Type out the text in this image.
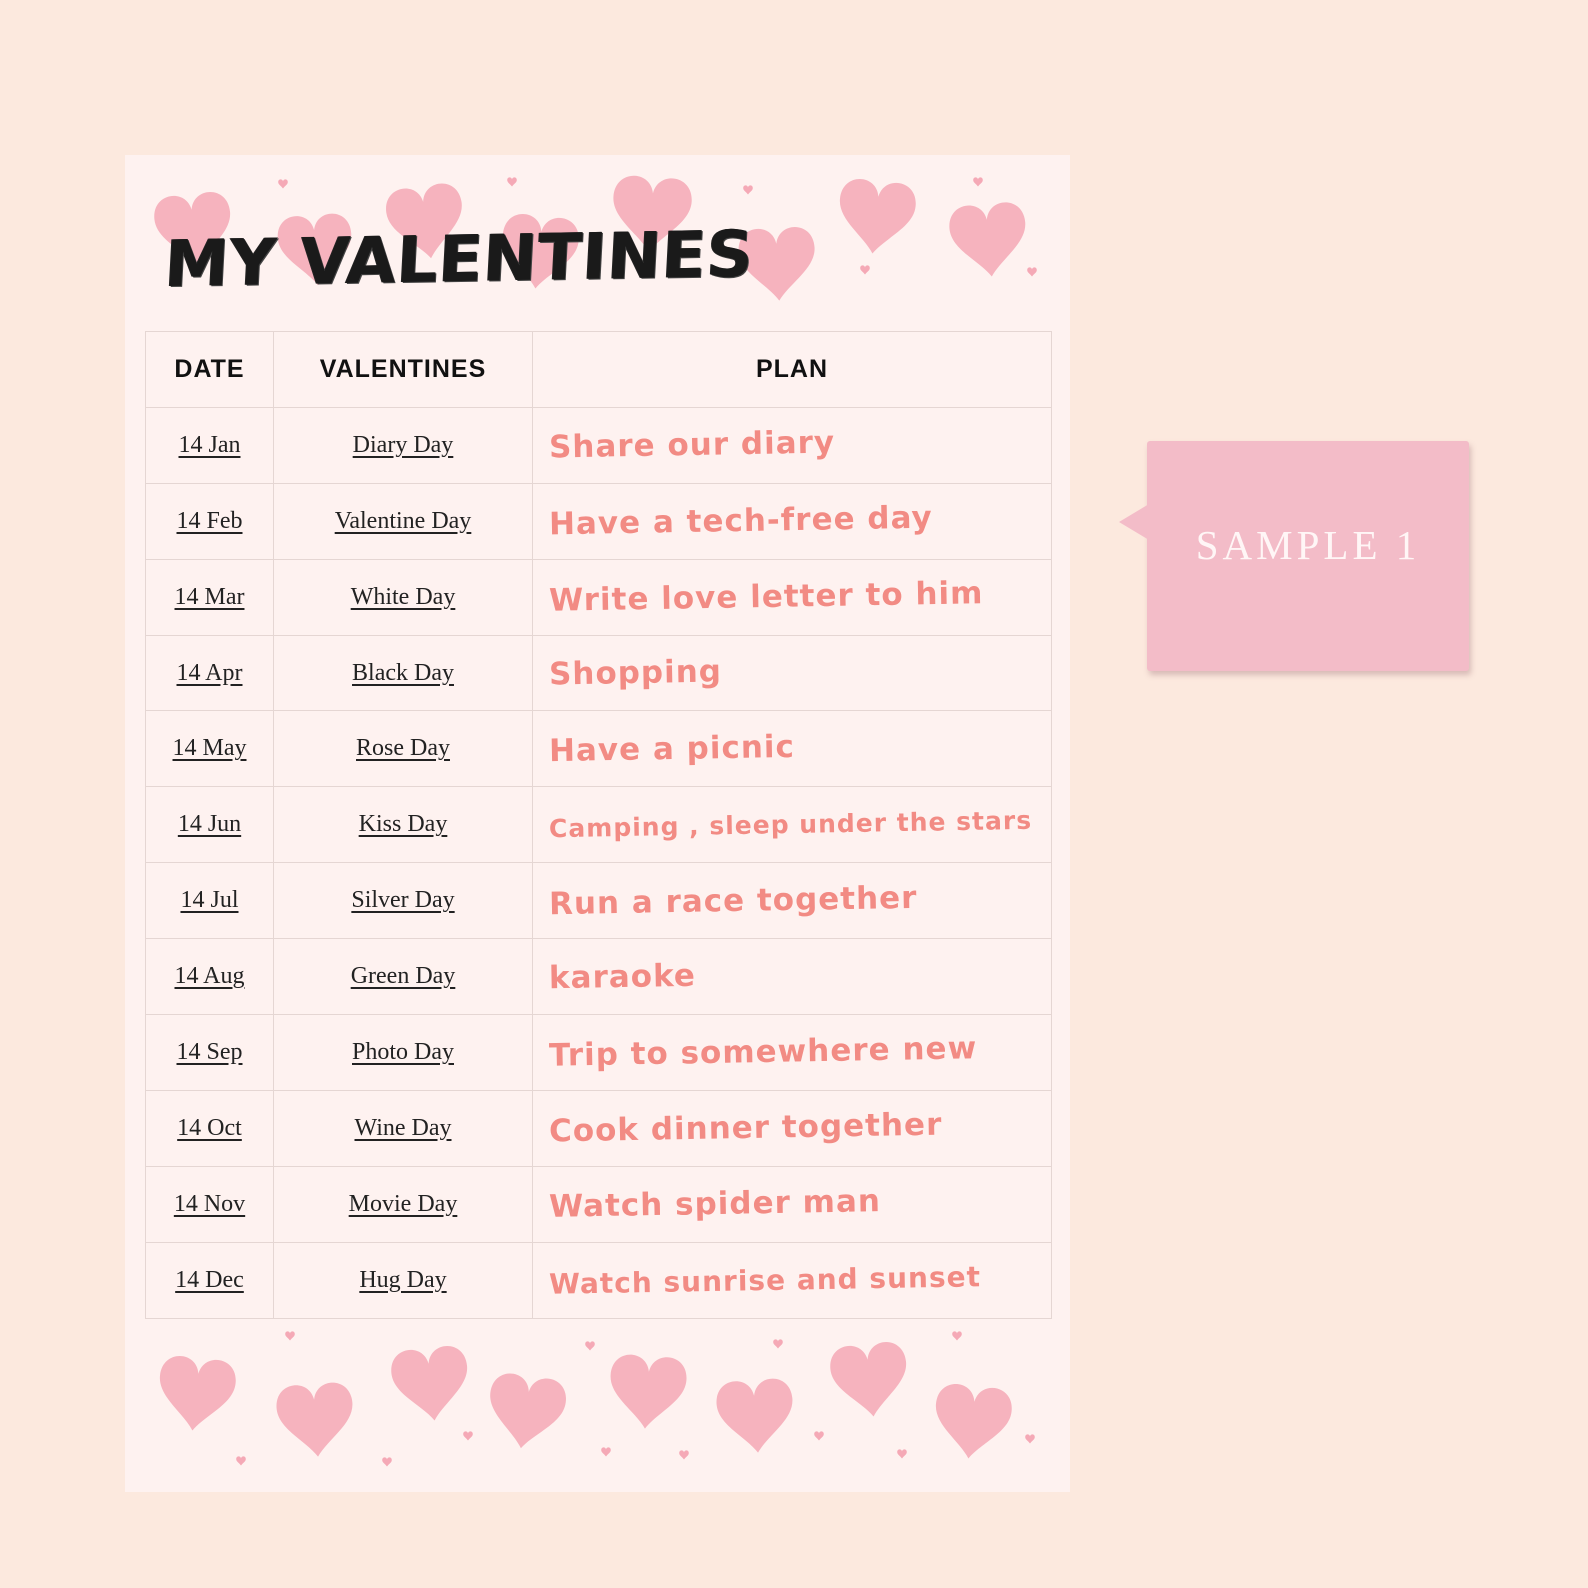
MY VALENTINES
DATE	VALENTINES	PLAN
14 Jan	Diary Day	Share our diary
14 Feb	Valentine Day	Have a tech-free day
14 Mar	White Day	Write love letter to him
14 Apr	Black Day	Shopping
14 May	Rose Day	Have a picnic
14 Jun	Kiss Day	Camping , sleep under the stars
14 Jul	Silver Day	Run a race together
14 Aug	Green Day	karaoke
14 Sep	Photo Day	Trip to somewhere new
14 Oct	Wine Day	Cook dinner together
14 Nov	Movie Day	Watch spider man
14 Dec	Hug Day	Watch sunrise and sunset
SAMPLE 1
